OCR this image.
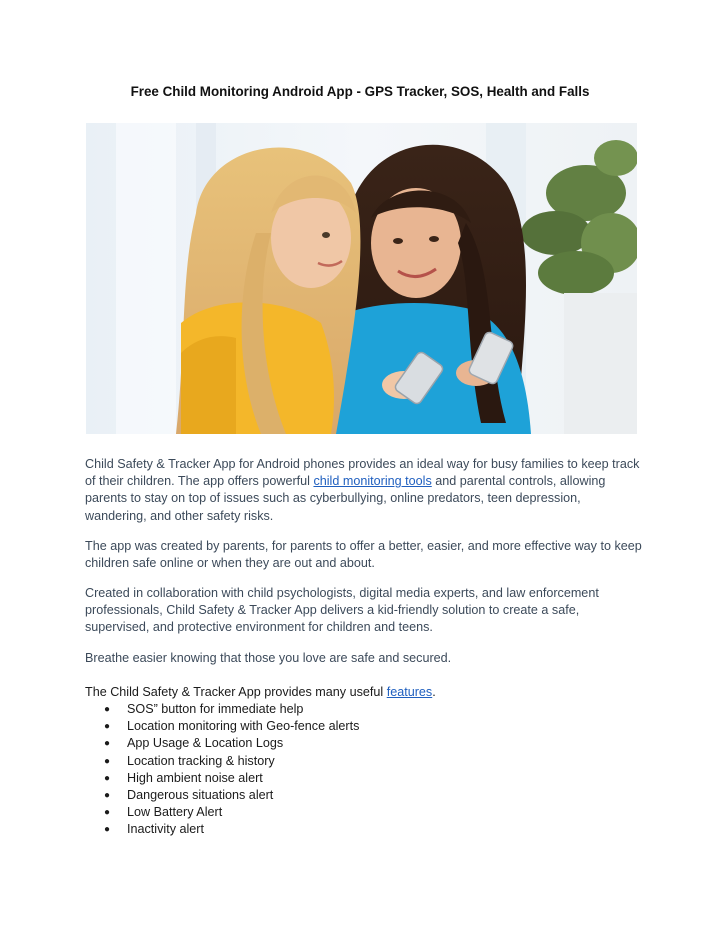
Free Child Monitoring Android App - GPS Tracker, SOS, Health and Falls

Child Safety & Tracker App for Android phones provides an ideal way for busy families to keep track of their children. The app offers powerful child monitoring tools and parental controls, allowing parents to stay on top of issues such as cyberbullying, online predators, teen depression, wandering, and other safety risks.

The app was created by parents, for parents to offer a better, easier, and more effective way to keep children safe online or when they are out and about.

Created in collaboration with child psychologists, digital media experts, and law enforcement professionals, Child Safety & Tracker App delivers a kid-friendly solution to create a safe, supervised, and protective environment for children and teens.

Breathe easier knowing that those you love are safe and secured.

The Child Safety & Tracker App provides many useful features.

● SOS” button for immediate help
● Location monitoring with Geo-fence alerts
● App Usage & Location Logs
● Location tracking & history
● High ambient noise alert
● Dangerous situations alert
● Low Battery Alert
● Inactivity alert
